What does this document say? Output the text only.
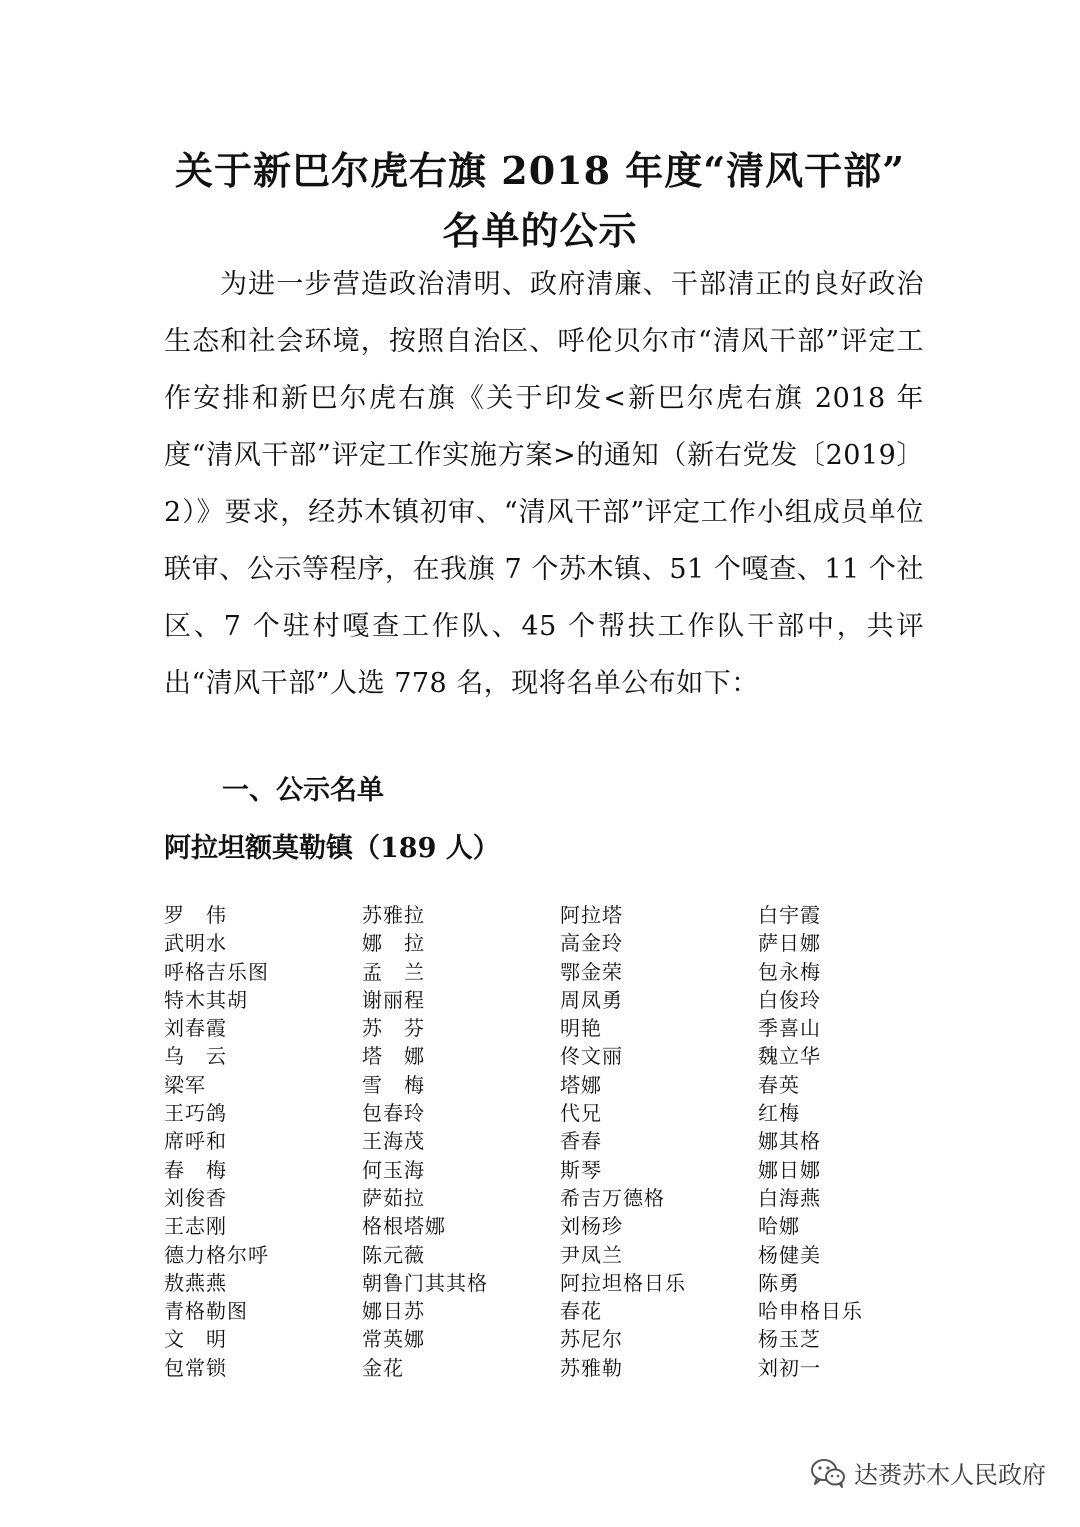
关于新巴尔虎右旗 2018 年度“清风干部”
名单的公示

为进一步营造政治清明、政府清廉、干部清正的良好政治生态和社会环境，按照自治区、呼伦贝尔市“清风干部”评定工作安排和新巴尔虎右旗《关于印发<新巴尔虎右旗 2018 年度“清风干部”评定工作实施方案>的通知（新右党发〔2019〕2）》要求，经苏木镇初审、“清风干部”评定工作小组成员单位联审、公示等程序，在我旗 7 个苏木镇、51 个嘎查、11 个社区、7 个驻村嘎查工作队、45 个帮扶工作队干部中，共评出“清风干部”人选 778 名，现将名单公布如下：

一、公示名单
阿拉坦额莫勒镇（189 人）
罗　伟	苏雅拉	阿拉塔	白宇霞
武明水	娜　拉	高金玲	萨日娜
呼格吉乐图	孟　兰	鄂金荣	包永梅
特木其胡	谢丽程	周凤勇	白俊玲
刘春霞	苏　芬	明艳	季喜山
乌　云	塔　娜	佟文丽	魏立华
梁军	雪　梅	塔娜	春英
王巧鸽	包春玲	代兄	红梅
席呼和	王海茂	香春	娜其格
春　梅	何玉海	斯琴	娜日娜
刘俊香	萨茹拉	希吉万德格	白海燕
王志刚	格根塔娜	刘杨珍	哈娜
德力格尔呼	陈元薇	尹凤兰	杨健美
敖燕燕	朝鲁门其其格	阿拉坦格日乐	陈勇
青格勒图	娜日苏	春花	哈申格日乐
文　明	常英娜	苏尼尔	杨玉芝
包常锁	金花	苏雅勒	刘初一
达赉苏木人民政府
